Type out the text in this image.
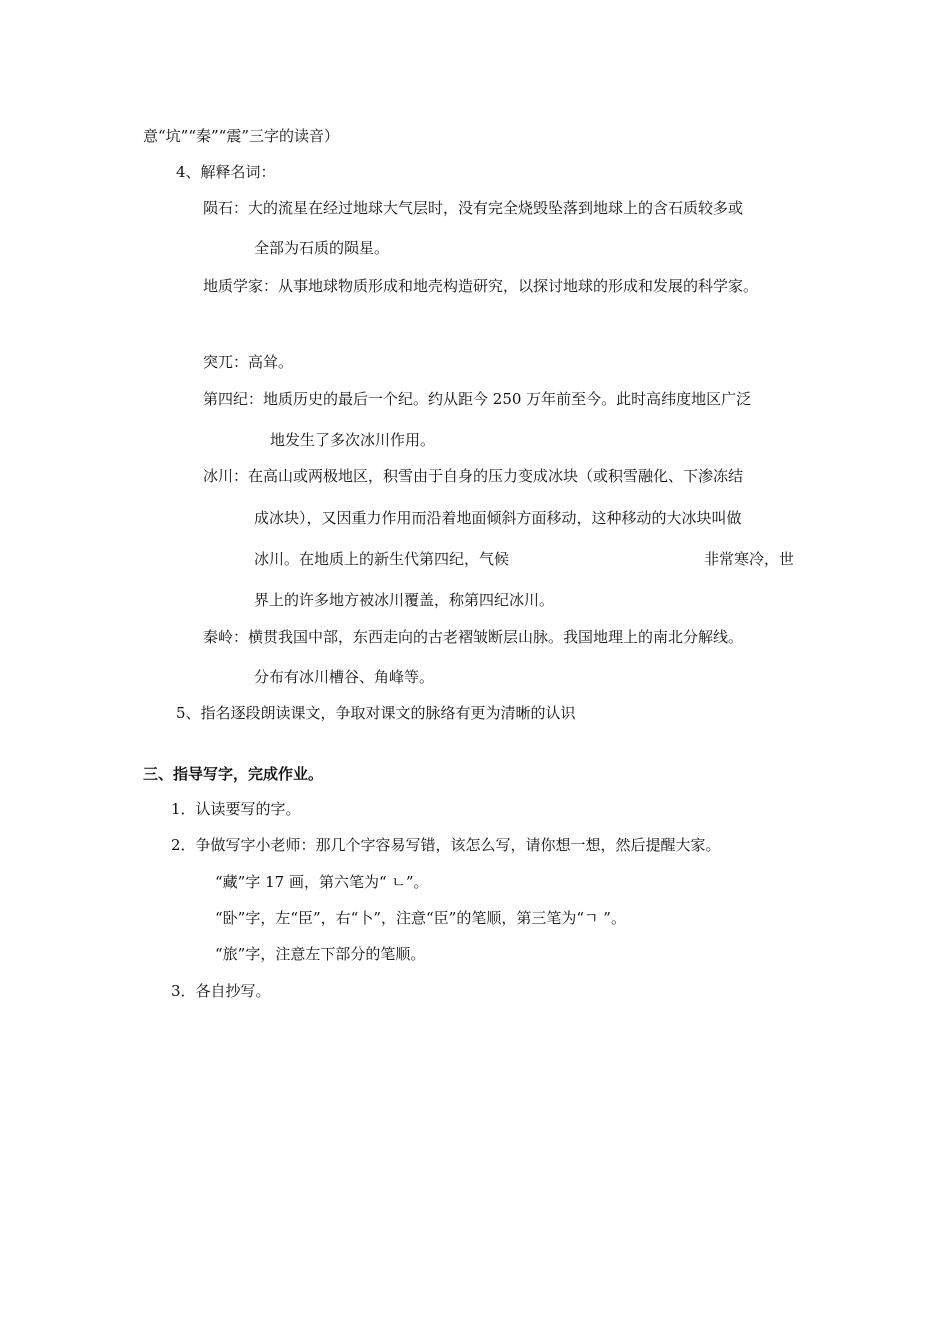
意“坑”“秦”“震”三字的读音）
4、解释名词：
陨石：大的流星在经过地球大气层时，没有完全烧毁坠落到地球上的含石质较多或
全部为石质的陨星。
地质学家：从事地球物质形成和地壳构造研究，以探讨地球的形成和发展的科学家。
突兀：高耸。
第四纪：地质历史的最后一个纪。约从距今 250 万年前至今。此时高纬度地区广泛
地发生了多次冰川作用。
冰川：在高山或两极地区，积雪由于自身的压力变成冰块（或积雪融化、下渗冻结
成冰块），又因重力作用而沿着地面倾斜方面移动，这种移动的大冰块叫做
冰川。在地质上的新生代第四纪，气候	非常寒冷，世
界上的许多地方被冰川覆盖，称第四纪冰川。
秦岭：横贯我国中部，东西走向的古老褶皱断层山脉。我国地理上的南北分解线。
分布有冰川槽谷、角峰等。
5、指名逐段朗读课文，争取对课文的脉络有更为清晰的认识
三、指导写字，完成作业。
1．认读要写的字。
2．争做写字小老师：那几个字容易写错，该怎么写，请你想一想，然后提醒大家。
“藏”字 17 画，第六笔为“ ㄴ”。
“卧”字，左“臣”，右“卜”，注意“臣”的笔顺，第三笔为“ㄱ ”。
“旅”字，注意左下部分的笔顺。
3．各自抄写。
